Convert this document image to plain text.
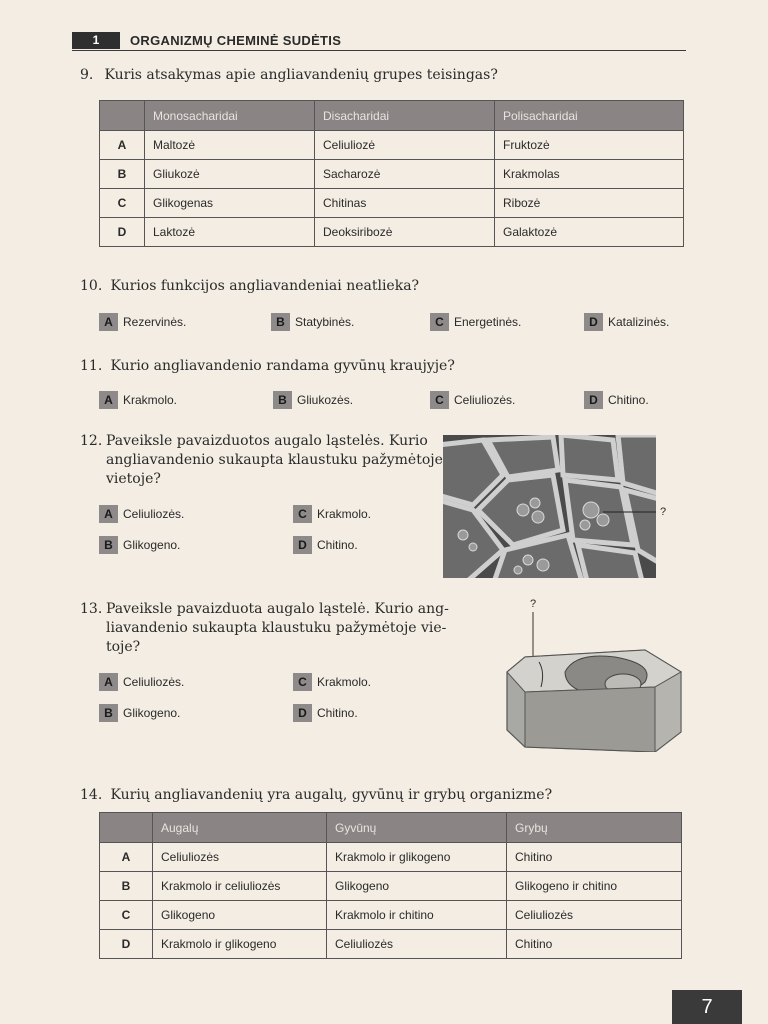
1	ORGANIZMŲ CHEMINĖ SUDĖTIS
9. Kuris atsakymas apie angliavandenių grupes teisingas?
	Monosacharidai	Disacharidai	Polisacharidai
A	Maltozė	Celiuliozė	Fruktozė
B	Gliukozė	Sacharozė	Krakmolas
C	Glikogenas	Chitinas	Ribozė
D	Laktozė	Deoksiribozė	Galaktozė
10. Kurios funkcijos angliavandeniai neatlieka?
A Rezervinės.	B Statybinės.	C Energetinės.	D Katalizinės.
11. Kurio angliavandenio randama gyvūnų kraujyje?
A Krakmolo.	B Gliukozės.	C Celiuliozės.	D Chitino.
12. Paveiksle pavaizduotos augalo ląstelės. Kurio
angliavandenio sukaupta klaustuku pažymėtoje
vietoje?
A Celiuliozės.
B Glikogeno.
C Krakmolo.
D Chitino.
?
13. Paveiksle pavaizduota augalo ląstelė. Kurio ang-
liavandenio sukaupta klaustuku pažymėtoje vie-
toje?
A Celiuliozės.
B Glikogeno.
C Krakmolo.
D Chitino.
?
14. Kurių angliavandenių yra augalų, gyvūnų ir grybų organizme?
	Augalų	Gyvūnų	Grybų
A	Celiuliozės	Krakmolo ir glikogeno	Chitino
B	Krakmolo ir celiuliozės	Glikogeno	Glikogeno ir chitino
C	Glikogeno	Krakmolo ir chitino	Celiuliozės
D	Krakmolo ir glikogeno	Celiuliozės	Chitino
7
